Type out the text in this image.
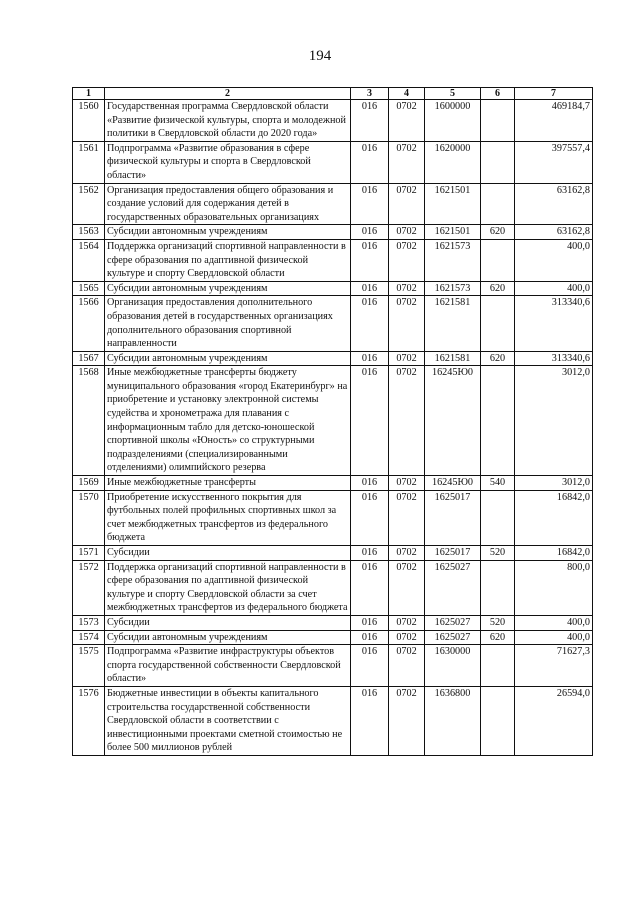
194
1	2	3	4	5	6	7
1560	Государственная программа Свердловской области «Развитие физической культуры, спорта и молодежной политики в Свердловской области до 2020 года»	016	0702	1600000		469184,7
1561	Подпрограмма «Развитие образования в сфере физической культуры и спорта в Свердловской области»	016	0702	1620000		397557,4
1562	Организация предоставления общего образования и создание условий для содержания детей в государственных образовательных организациях	016	0702	1621501		63162,8
1563	Субсидии автономным учреждениям	016	0702	1621501	620	63162,8
1564	Поддержка организаций спортивной направленности в сфере образования по адаптивной физической культуре и спорту Свердловской области	016	0702	1621573		400,0
1565	Субсидии автономным учреждениям	016	0702	1621573	620	400,0
1566	Организация предоставления дополнительного образования детей в государственных организациях дополнительного образования спортивной направленности	016	0702	1621581		313340,6
1567	Субсидии автономным учреждениям	016	0702	1621581	620	313340,6
1568	Иные межбюджетные трансферты бюджету муниципального образования «город Екатеринбург» на приобретение и установку электронной системы судейства и хронометража для плавания с информационным табло для детско-юношеской спортивной школы «Юность» со структурными подразделениями (специализированными отделениями) олимпийского резерва	016	0702	16245Ю0		3012,0
1569	Иные межбюджетные трансферты	016	0702	16245Ю0	540	3012,0
1570	Приобретение искусственного покрытия для футбольных полей профильных спортивных школ за счет межбюджетных трансфертов из федерального бюджета	016	0702	1625017		16842,0
1571	Субсидии	016	0702	1625017	520	16842,0
1572	Поддержка организаций спортивной направленности в сфере образования по адаптивной физической культуре и спорту Свердловской области за счет межбюджетных трансфертов из федерального бюджета	016	0702	1625027		800,0
1573	Субсидии	016	0702	1625027	520	400,0
1574	Субсидии автономным учреждениям	016	0702	1625027	620	400,0
1575	Подпрограмма «Развитие инфраструктуры объектов спорта государственной собственности Свердловской области»	016	0702	1630000		71627,3
1576	Бюджетные инвестиции в объекты капитального строительства государственной собственности Свердловской области в соответствии с инвестиционными проектами сметной стоимостью не более 500 миллионов рублей	016	0702	1636800		26594,0
